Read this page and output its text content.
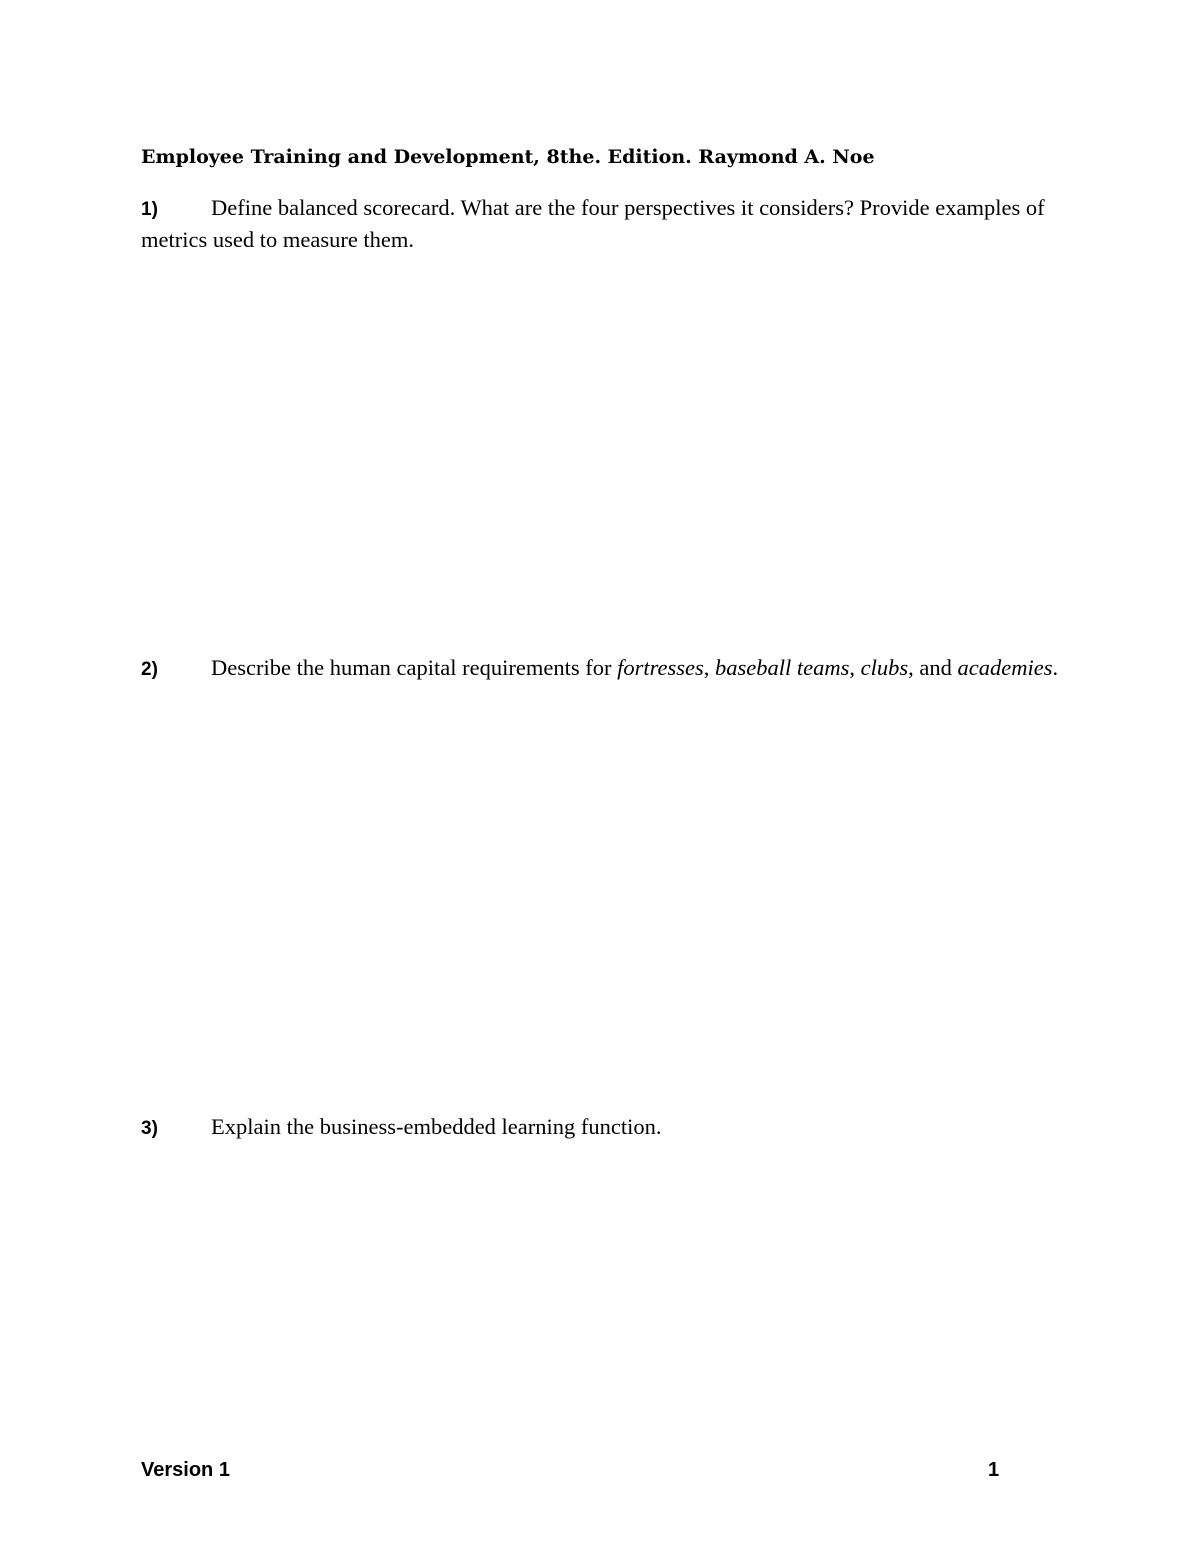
Employee Training and Development, 8the. Edition. Raymond A. Noe
1) Define balanced scorecard. What are the four perspectives it considers? Provide examples of metrics used to measure them.
2) Describe the human capital requirements for fortresses, baseball teams, clubs, and academies.
3) Explain the business-embedded learning function.
Version 1	1
